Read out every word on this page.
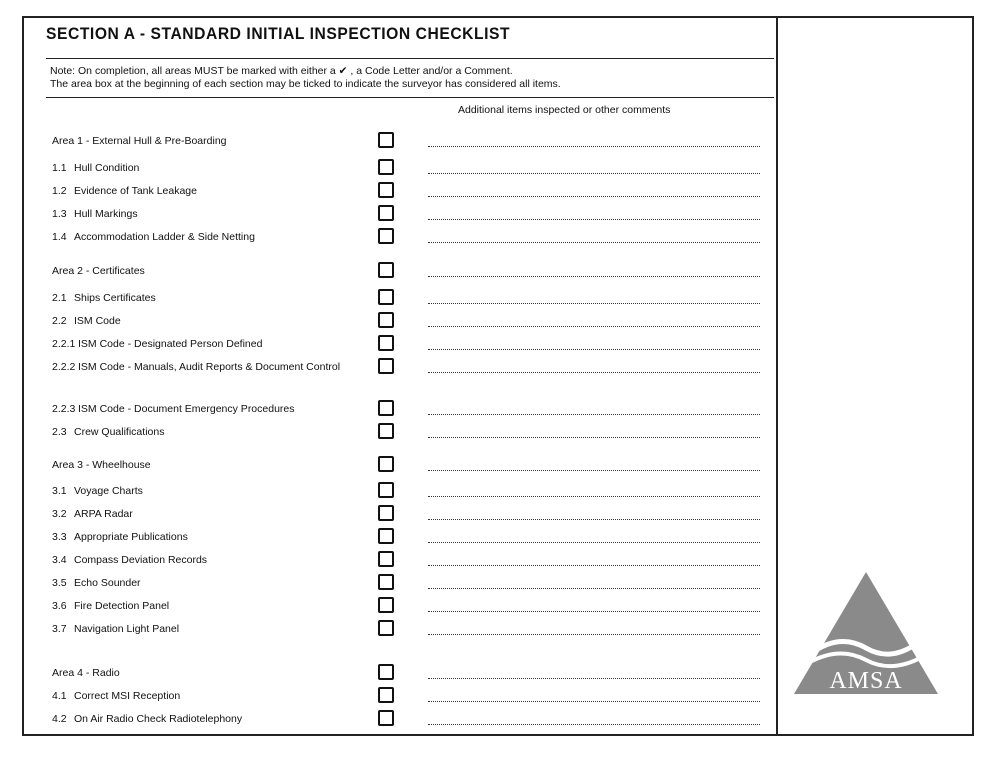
SECTION A - STANDARD INITIAL INSPECTION CHECKLIST
Note: On completion, all areas MUST be marked with either a ✔ , a Code Letter and/or a Comment.
The area box at the beginning of each section may be ticked to indicate the surveyor has considered all items.
Additional items inspected or other comments
Area 1 - External Hull & Pre-Boarding
1.1 Hull Condition
1.2 Evidence of Tank Leakage
1.3 Hull Markings
1.4 Accommodation Ladder & Side Netting
Area 2 - Certificates
2.1 Ships Certificates
2.2 ISM Code
2.2.1 ISM Code - Designated Person Defined
2.2.2 ISM Code - Manuals, Audit Reports & Document Control
2.2.3 ISM Code - Document Emergency Procedures
2.3 Crew Qualifications
Area 3 - Wheelhouse
3.1 Voyage Charts
3.2 ARPA Radar
3.3 Appropriate Publications
3.4 Compass Deviation Records
3.5 Echo Sounder
3.6 Fire Detection Panel
3.7 Navigation Light Panel
Area 4 - Radio
4.1 Correct MSI Reception
4.2 On Air Radio Check Radiotelephony
AMSA
